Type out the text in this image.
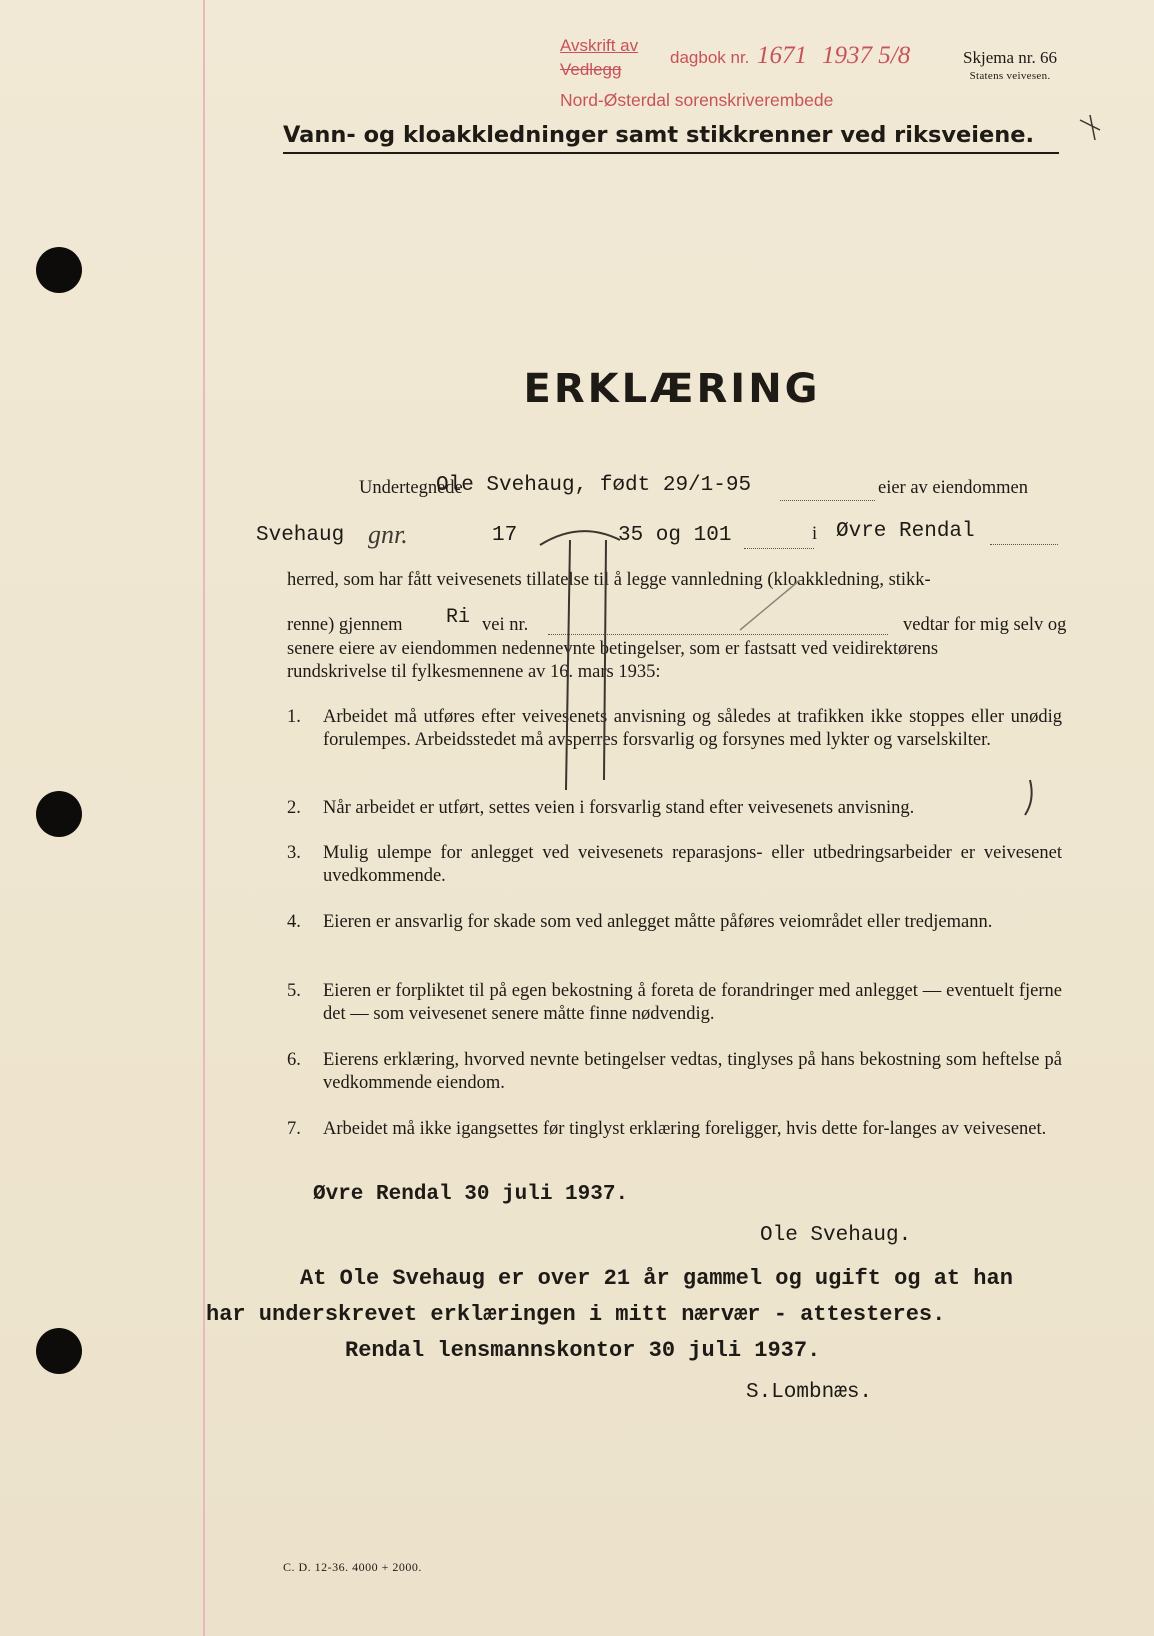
Avskrift av
Vedlegg
dagbok nr.
Nord-Østerdal sorenskriverembede
1671 1937 5/8	Skjema nr. 66
Statens veivesen.
Vann- og kloakkledninger samt stikkrenner ved riksveiene.
ERKLÆRING
Undertegnede
Ole Svehaug, født 29/1-95	eier av eiendommen
Svehaug gnr.	17	35 og 101	i Øvre Rendal
herred, som har fått veivesenets tillatelse til å legge vannledning (kloakkledning, stikk-
renne) gjennem Ri vei nr.	vedtar for mig selv og
senere eiere av eiendommen nedennevnte betingelser, som er fastsatt ved veidirektørens
rundskrivelse til fylkesmennene av 16. mars 1935:
1. Arbeidet må utføres efter veivesenets anvisning og således at trafikken ikke stoppes eller unødig forulempes. Arbeidsstedet må avsperres forsvarlig og forsynes med lykter og varselskilter.
2. Når arbeidet er utført, settes veien i forsvarlig stand efter veivesenets anvisning.
3. Mulig ulempe for anlegget ved veivesenets reparasjons- eller utbedringsarbeider er veivesenet uvedkommende.
4. Eieren er ansvarlig for skade som ved anlegget måtte påføres veiområdet eller tredjemann.
5. Eieren er forpliktet til på egen bekostning å foreta de forandringer med anlegget — eventuelt fjerne det — som veivesenet senere måtte finne nødvendig.
6. Eierens erklæring, hvorved nevnte betingelser vedtas, tinglyses på hans bekostning som heftelse på vedkommende eiendom.
7. Arbeidet må ikke igangsettes før tinglyst erklæring foreligger, hvis dette for-langes av veivesenet.
Øvre Rendal 30 juli 1937.
Ole Svehaug.
At Ole Svehaug er over 21 år gammel og ugift og at han
har underskrevet erklæringen i mitt nærvær - attesteres.
Rendal lensmannskontor 30 juli 1937.
S.Lombnæs.
C. D. 12-36. 4000 + 2000.
